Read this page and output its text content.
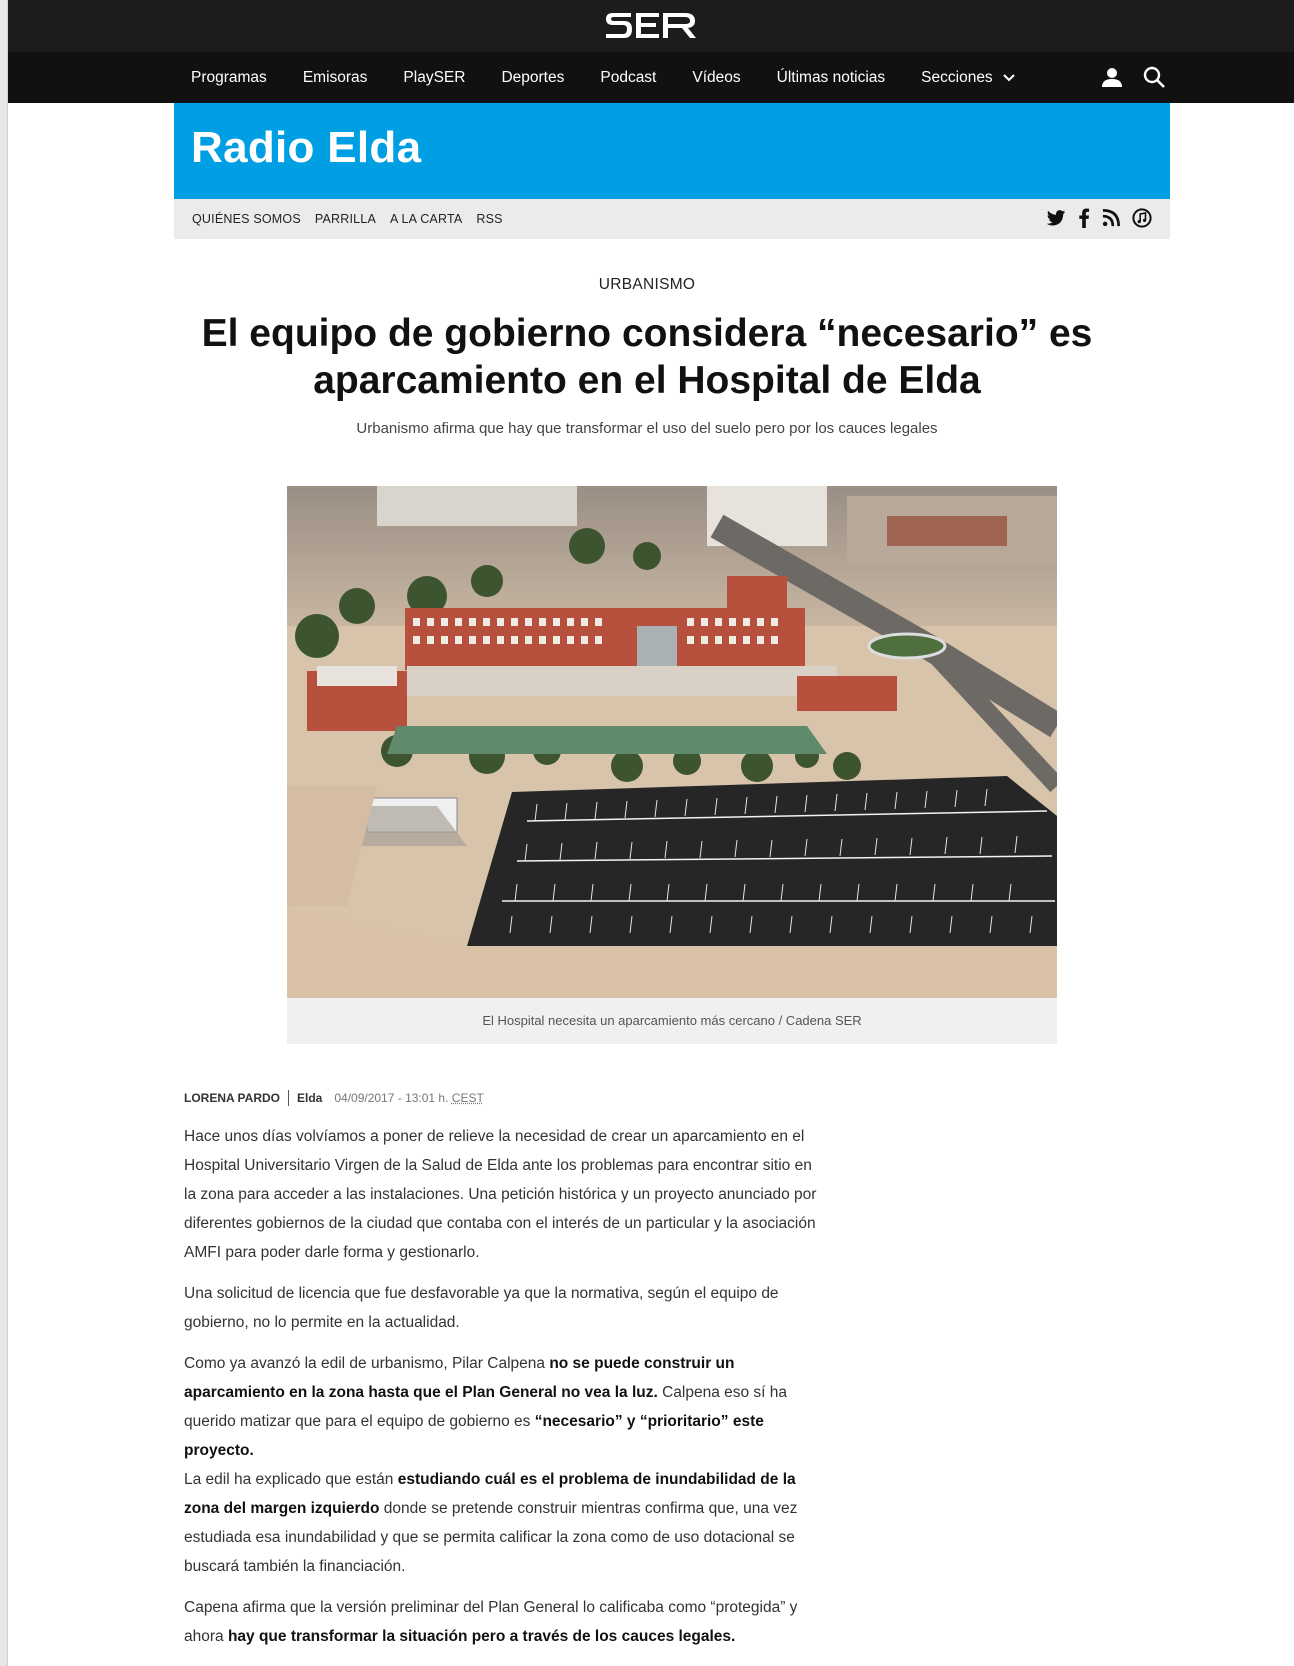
Programas Emisoras PlaySER Deportes Podcast Vídeos Últimas noticias Secciones
Radio Elda
QUIÉNES SOMOS PARRILLA A LA CARTA RSS
URBANISMO
El equipo de gobierno considera “necesario” es aparcamiento en el Hospital de Elda
Urbanismo afirma que hay que transformar el uso del suelo pero por los cauces legales
El Hospital necesita un aparcamiento más cercano / Cadena SER
LORENA PARDO Elda 04/09/2017 - 13:01 h. CEST

Hace unos días volvíamos a poner de relieve la necesidad de crear un aparcamiento en el Hospital Universitario Virgen de la Salud de Elda ante los problemas para encontrar sitio en la zona para acceder a las instalaciones. Una petición histórica y un proyecto anunciado por diferentes gobiernos de la ciudad que contaba con el interés de un particular y la asociación AMFI para poder darle forma y gestionarlo.

Una solicitud de licencia que fue desfavorable ya que la normativa, según el equipo de gobierno, no lo permite en la actualidad.

Como ya avanzó la edil de urbanismo, Pilar Calpena no se puede construir un aparcamiento en la zona hasta que el Plan General no vea la luz. Calpena eso sí ha querido matizar que para el equipo de gobierno es “necesario” y “prioritario” este proyecto.

La edil ha explicado que están estudiando cuál es el problema de inundabilidad de la zona del margen izquierdo donde se pretende construir mientras confirma que, una vez estudiada esa inundabilidad y que se permita calificar la zona como de uso dotacional se buscará también la financiación.

Capena afirma que la versión preliminar del Plan General lo calificaba como “protegida” y ahora hay que transformar la situación pero a través de los cauces legales.
